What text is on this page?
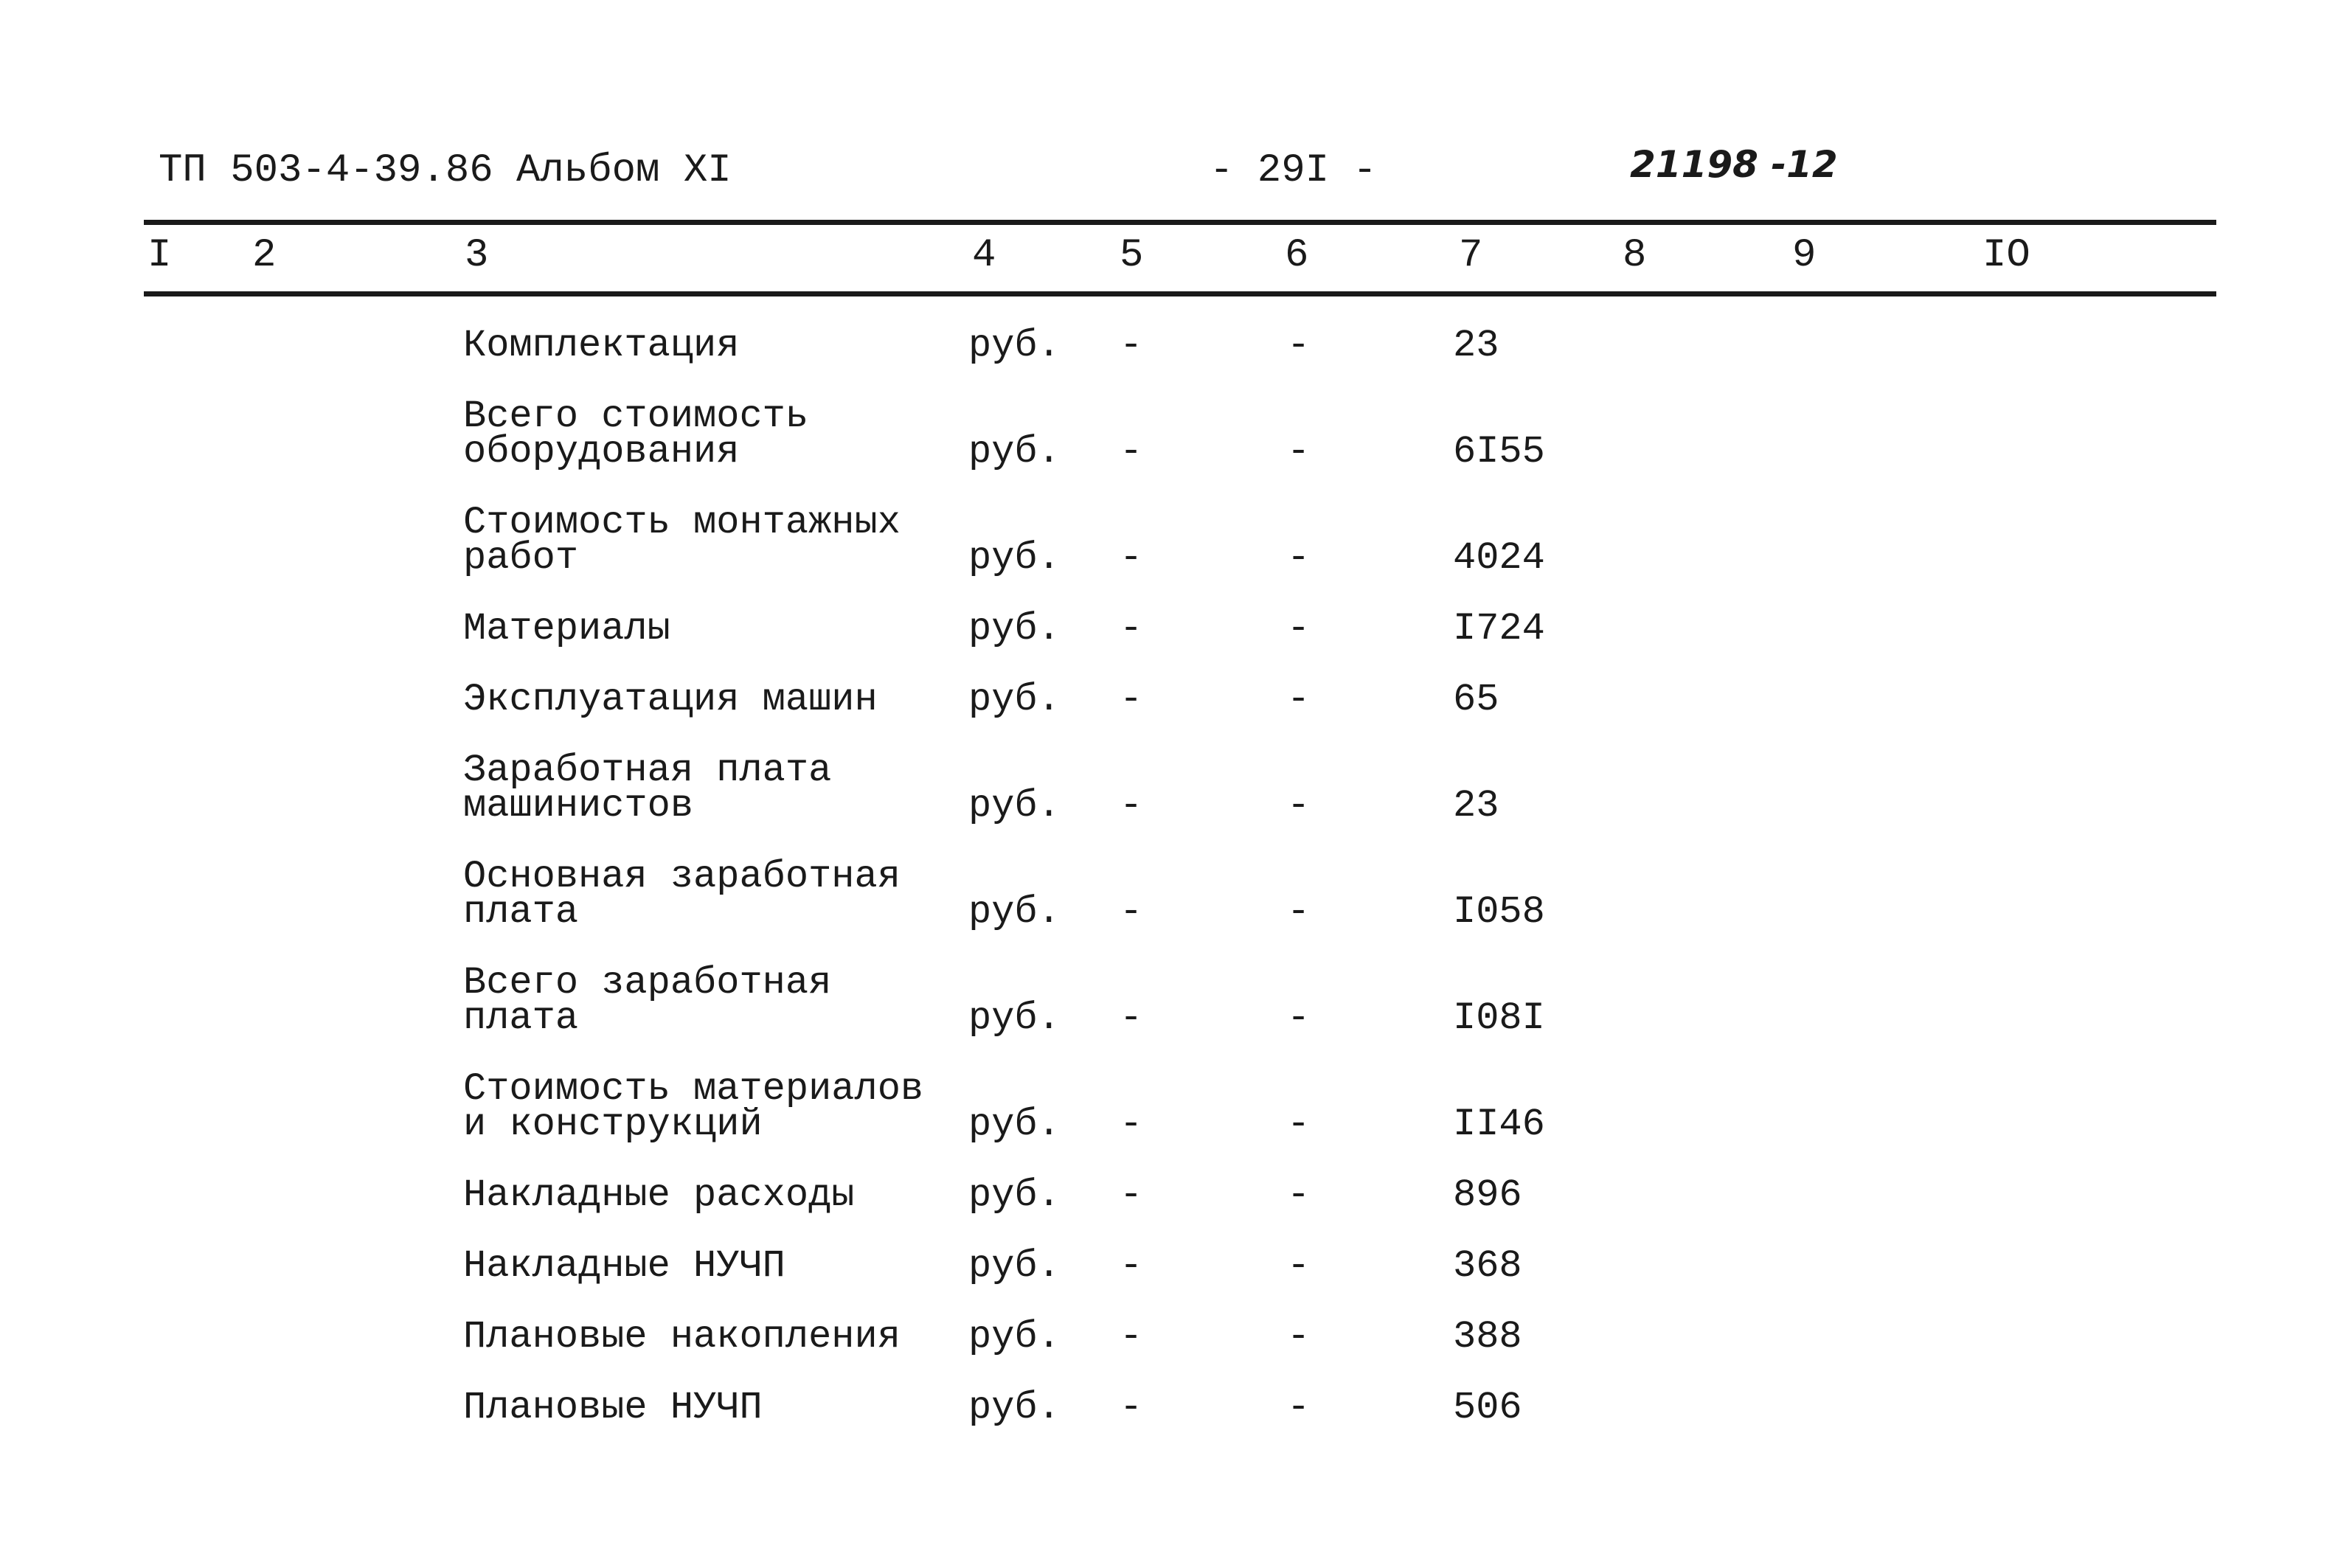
ТП 503-4-39.86 Альбом XI	- 29I -	21198 -12
I 2	3	4	5	6	7	8	9	IO
Комплектация	руб. -	-	23
Всего стоимость
оборудования	руб. -	-	6I55
Стоимость монтажных
работ	руб. -	-	4024
Материалы	руб. -	-	I724
Эксплуатация машин руб. -	-	65
Заработная плата
машинистов	руб. -	-	23
Основная заработная
плата	руб. -	-	I058
Всего заработная
плата	руб. -	-	I08I
Стоимость материалов
и конструкций	руб. -	-	II46
Накладные расходы	руб. -	-	896
Накладные НУЧП	руб. -	-	368
Плановые накопления руб. -	-	388
Плановые НУЧП	руб. -	-	506
